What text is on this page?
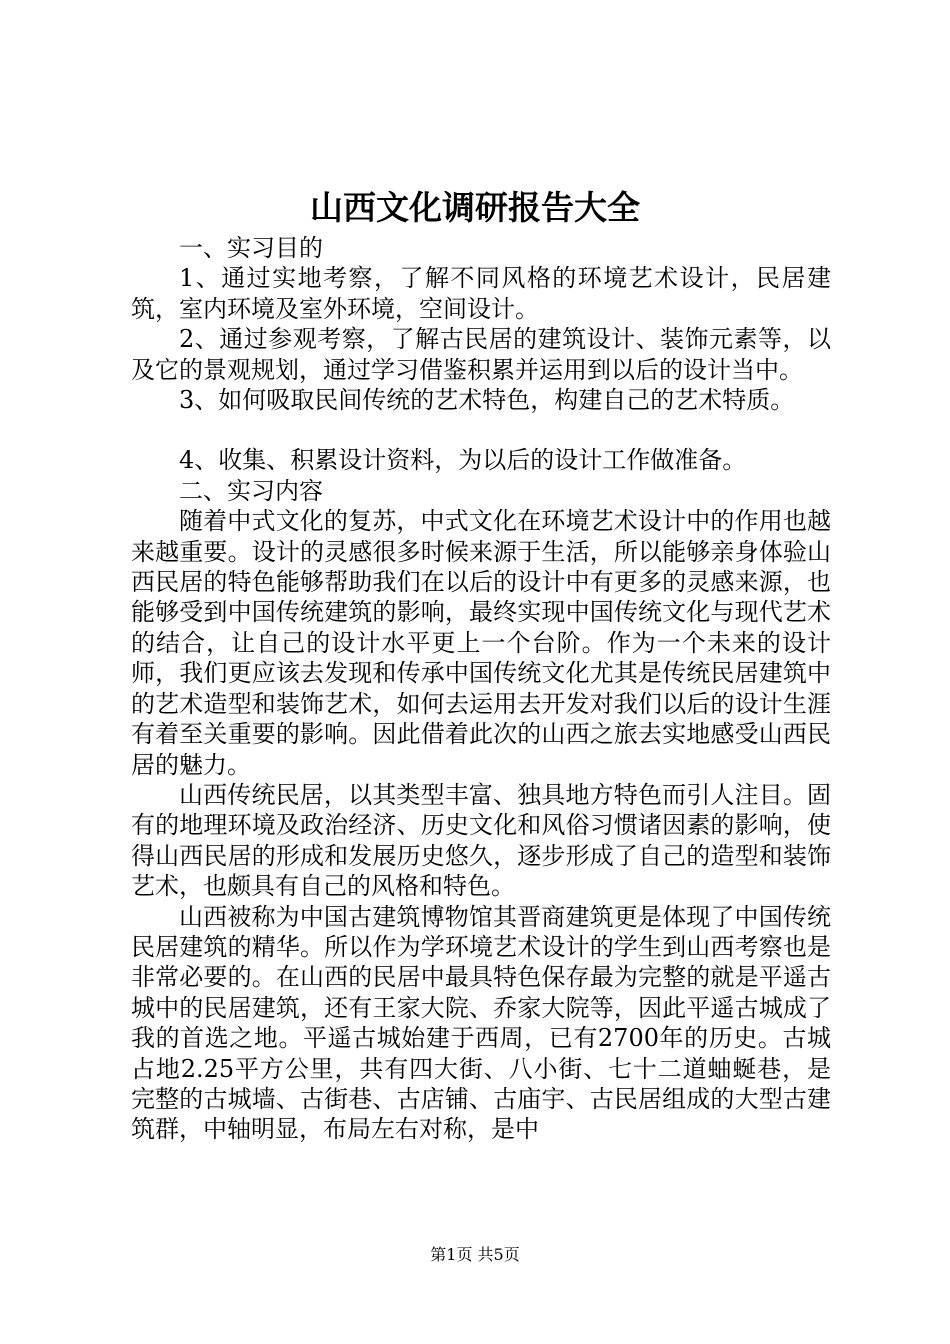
山西文化调研报告大全

一、实习目的

1、通过实地考察，了解不同风格的环境艺术设计，民居建筑，室内环境及室外环境，空间设计。

2、通过参观考察，了解古民居的建筑设计、装饰元素等，以及它的景观规划，通过学习借鉴积累并运用到以后的设计当中。

3、如何吸取民间传统的艺术特色，构建自己的艺术特质。

4、收集、积累设计资料，为以后的设计工作做准备。

二、实习内容

随着中式文化的复苏，中式文化在环境艺术设计中的作用也越来越重要。设计的灵感很多时候来源于生活，所以能够亲身体验山西民居的特色能够帮助我们在以后的设计中有更多的灵感来源，也能够受到中国传统建筑的影响，最终实现中国传统文化与现代艺术的结合，让自己的设计水平更上一个台阶。作为一个未来的设计师，我们更应该去发现和传承中国传统文化尤其是传统民居建筑中的艺术造型和装饰艺术，如何去运用去开发对我们以后的设计生涯有着至关重要的影响。因此借着此次的山西之旅去实地感受山西民居的魅力。

山西传统民居，以其类型丰富、独具地方特色而引人注目。固有的地理环境及政治经济、历史文化和风俗习惯诸因素的影响，使得山西民居的形成和发展历史悠久，逐步形成了自己的造型和装饰艺术，也颇具有自己的风格和特色。

山西被称为中国古建筑博物馆其晋商建筑更是体现了中国传统民居建筑的精华。所以作为学环境艺术设计的学生到山西考察也是非常必要的。在山西的民居中最具特色保存最为完整的就是平遥古城中的民居建筑，还有王家大院、乔家大院等，因此平遥古城成了我的首选之地。平遥古城始建于西周，已有2700年的历史。古城占地2.25平方公里，共有四大街、八小街、七十二道蚰蜒巷，是完整的古城墙、古街巷、古店铺、古庙宇、古民居组成的大型古建筑群，中轴明显，布局左右对称，是中

第1页 共5页
